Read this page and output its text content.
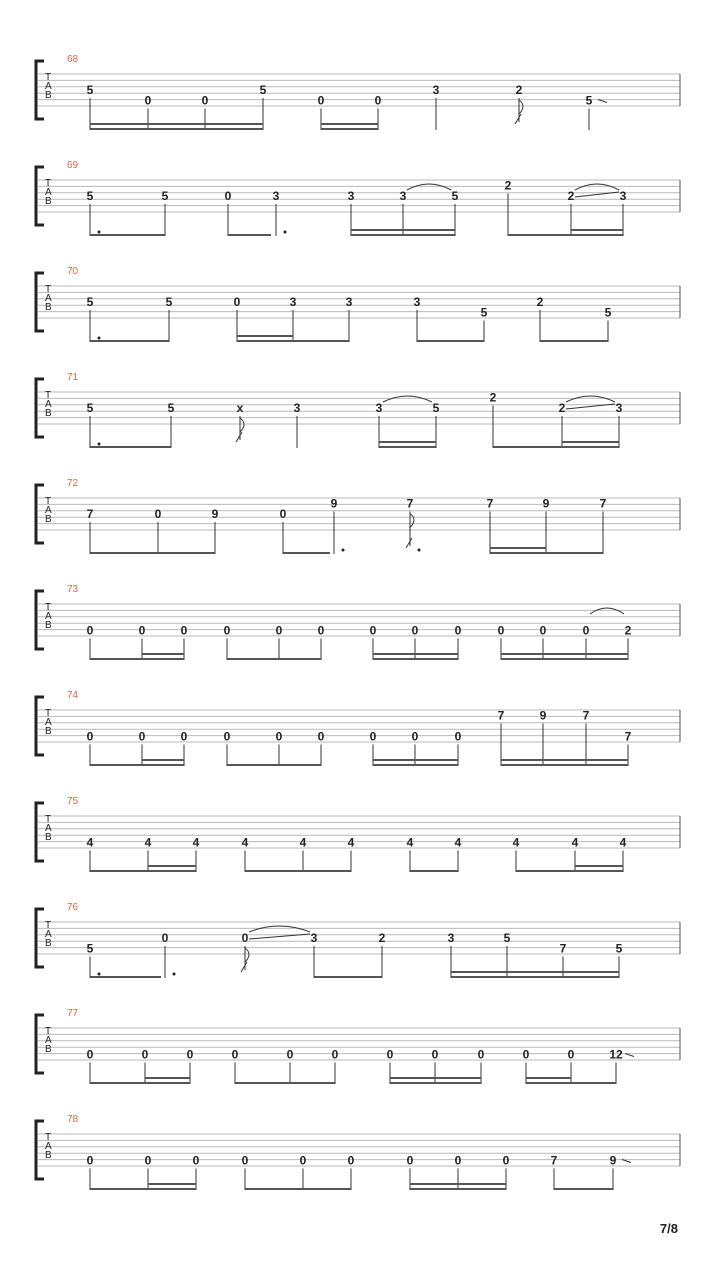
T
A
B
68
5
0	0
5
0	0
3	2
5
T
A
B
69
5	5	0	3	3	3	5
2
2	3
T
A
B
70
5	5	0	3	3	3
5
2
5
T
A
B
71
5	5	x	3	3	5
2
2	3
T
A
B
72
7	0	9	0
9	7	7	9	7
T
A
B
73
0	0	0	0	0	0	0	0	0	0	0	0	2
T
A
B
74
0	0	0	0	0	0	0	0	0
7	9	7
7
T
A
B
75
4	4	4	4	4	4	4	4	4	4	4
T
A
B
76
5
0	0	3	2	3	5
7	5
T
A
B
77
0	0	0	0	0	0	0	0	0	0	0	12
T
A
B
78
0	0	0	0	0	0	0	0	0	7	9
7/8
